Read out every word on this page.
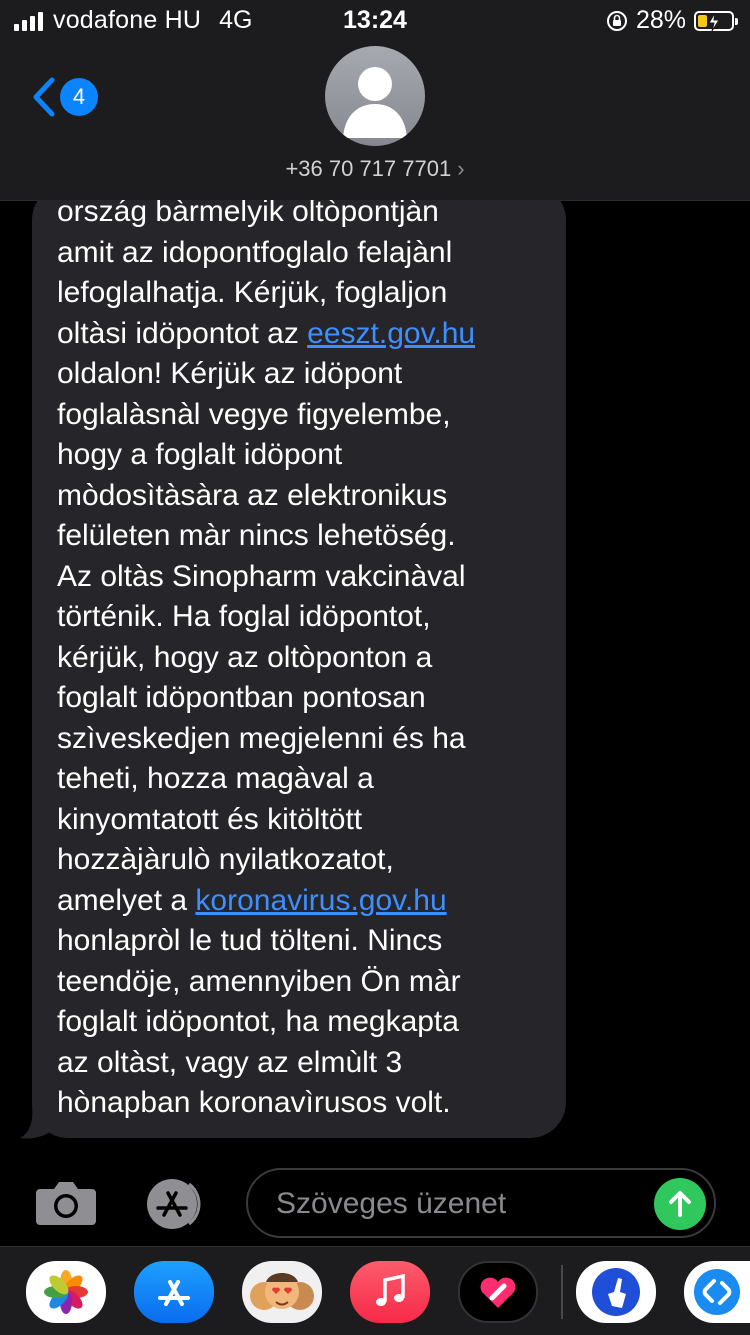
vodafone HU 4G	13:24	28%
4
+36 70 717 7701 ›

ország bàrmelyik oltòpontjàn
amit az idopontfoglalo felajànl
lefoglalhatja. Kérjük, foglaljon
oltàsi idöpontot az eeszt.gov.hu
oldalon! Kérjük az idöpont
foglalàsnàl vegye figyelembe,
hogy a foglalt idöpont
mòdosìtàsàra az elektronikus
felületen màr nincs lehetöség.
Az oltàs Sinopharm vakcinàval
történik. Ha foglal idöpontot,
kérjük, hogy az oltòponton a
foglalt idöpontban pontosan
szìveskedjen megjelenni és ha
teheti, hozza magàval a
kinyomtatott és kitöltött
hozzàjàrulò nyilatkozatot,
amelyet a koronavirus.gov.hu
honlapròl le tud tölteni. Nincs
teendöje, amennyiben Ön màr
foglalt idöpontot, ha megkapta
az oltàst, vagy az elmùlt 3
hònapban koronavìrusos volt.

Szöveges üzenet
